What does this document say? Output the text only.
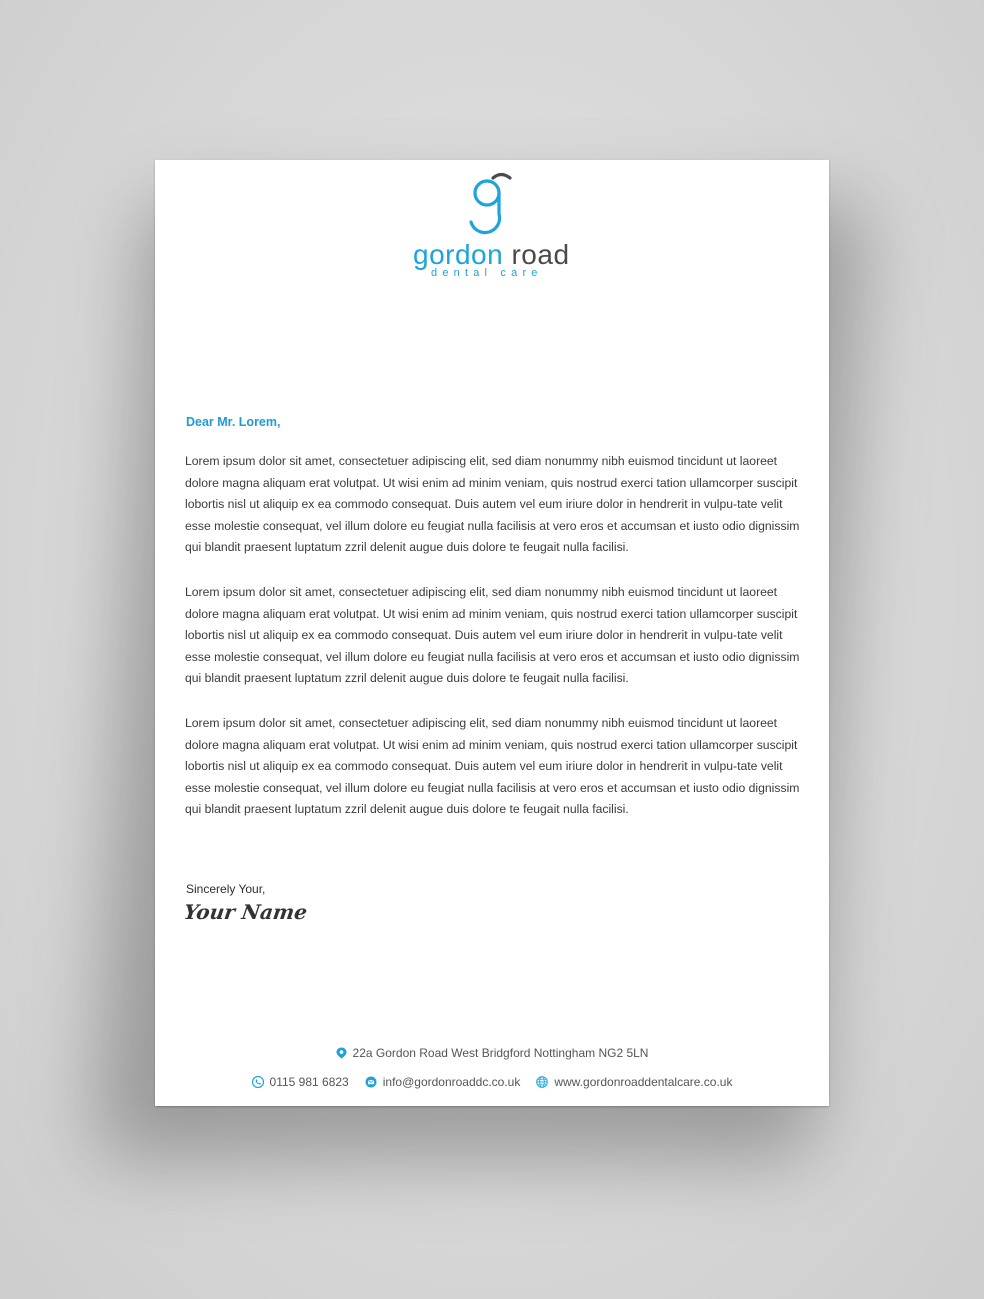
gordon road
dental care
Dear Mr. Lorem,

Lorem ipsum dolor sit amet, consectetuer adipiscing elit, sed diam nonummy nibh euismod tincidunt ut laoreet dolore magna aliquam erat volutpat. Ut wisi enim ad minim veniam, quis nostrud exerci tation ullamcorper suscipit lobortis nisl ut aliquip ex ea commodo consequat. Duis autem vel eum iriure dolor in hendrerit in vulpu-tate velit esse molestie consequat, vel illum dolore eu feugiat nulla facilisis at vero eros et accumsan et iusto odio dignissim qui blandit praesent luptatum zzril delenit augue duis dolore te feugait nulla facilisi.

Lorem ipsum dolor sit amet, consectetuer adipiscing elit, sed diam nonummy nibh euismod tincidunt ut laoreet dolore magna aliquam erat volutpat. Ut wisi enim ad minim veniam, quis nostrud exerci tation ullamcorper suscipit lobortis nisl ut aliquip ex ea commodo consequat. Duis autem vel eum iriure dolor in hendrerit in vulpu-tate velit esse molestie consequat, vel illum dolore eu feugiat nulla facilisis at vero eros et accumsan et iusto odio dignissim qui blandit praesent luptatum zzril delenit augue duis dolore te feugait nulla facilisi.

Lorem ipsum dolor sit amet, consectetuer adipiscing elit, sed diam nonummy nibh euismod tincidunt ut laoreet dolore magna aliquam erat volutpat. Ut wisi enim ad minim veniam, quis nostrud exerci tation ullamcorper suscipit lobortis nisl ut aliquip ex ea commodo consequat. Duis autem vel eum iriure dolor in hendrerit in vulpu-tate velit esse molestie consequat, vel illum dolore eu feugiat nulla facilisis at vero eros et accumsan et iusto odio dignissim qui blandit praesent luptatum zzril delenit augue duis dolore te feugait nulla facilisi.

Sincerely Your,
Your Name
22a Gordon Road West Bridgford Nottingham NG2 5LN
0115 981 6823	info@gordonroaddc.co.uk	www.gordonroaddentalcare.co.uk
